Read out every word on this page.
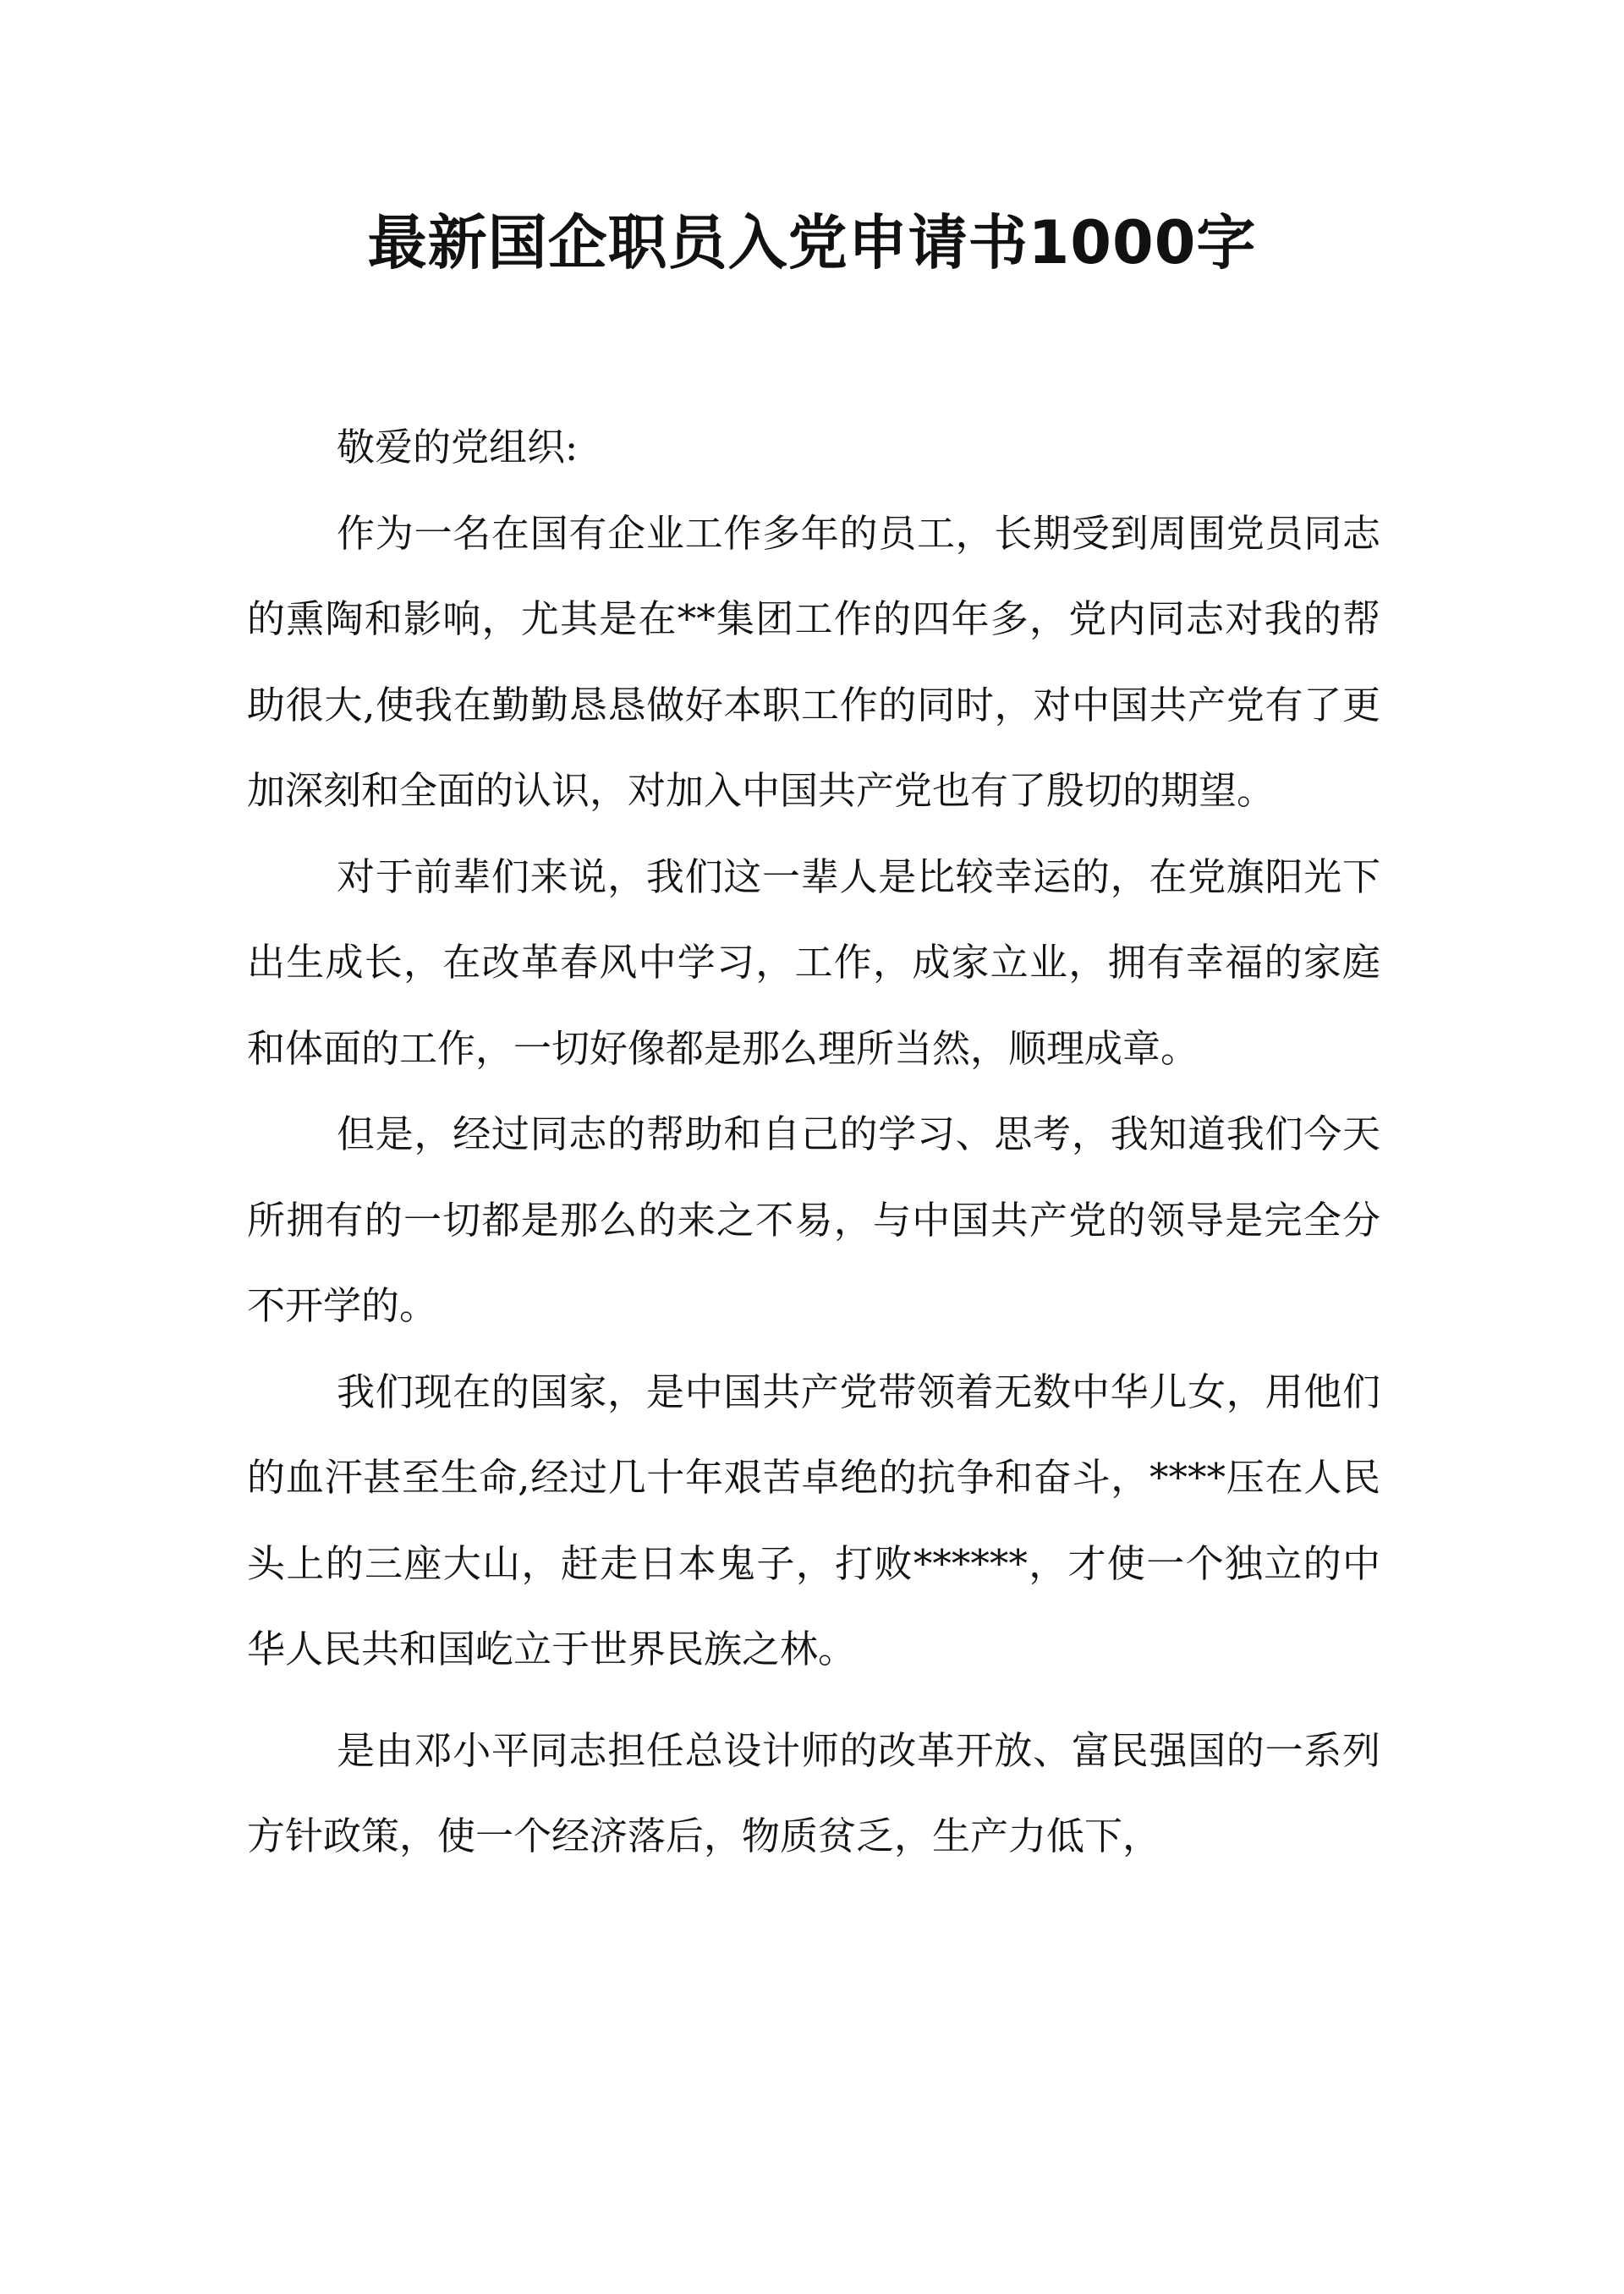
最新国企职员入党申请书1000字

敬爱的党组织:

作为一名在国有企业工作多年的员工，长期受到周围党员同志的熏陶和影响，尤其是在**集团工作的四年多，党内同志对我的帮助很大,使我在勤勤恳恳做好本职工作的同时，对中国共产党有了更加深刻和全面的认识，对加入中国共产党也有了殷切的期望。

对于前辈们来说，我们这一辈人是比较幸运的，在党旗阳光下出生成长，在改革春风中学习，工作，成家立业，拥有幸福的家庭和体面的工作，一切好像都是那么理所当然，顺理成章。

但是，经过同志的帮助和自己的学习、思考，我知道我们今天所拥有的一切都是那么的来之不易，与中国共产党的领导是完全分不开学的。

我们现在的国家，是中国共产党带领着无数中华儿女，用他们的血汗甚至生命,经过几十年艰苦卓绝的抗争和奋斗，****压在人民头上的三座大山，赶走日本鬼子，打败******，才使一个独立的中华人民共和国屹立于世界民族之林。

是由邓小平同志担任总设计师的改革开放、富民强国的一系列方针政策，使一个经济落后，物质贫乏，生产力低下，
